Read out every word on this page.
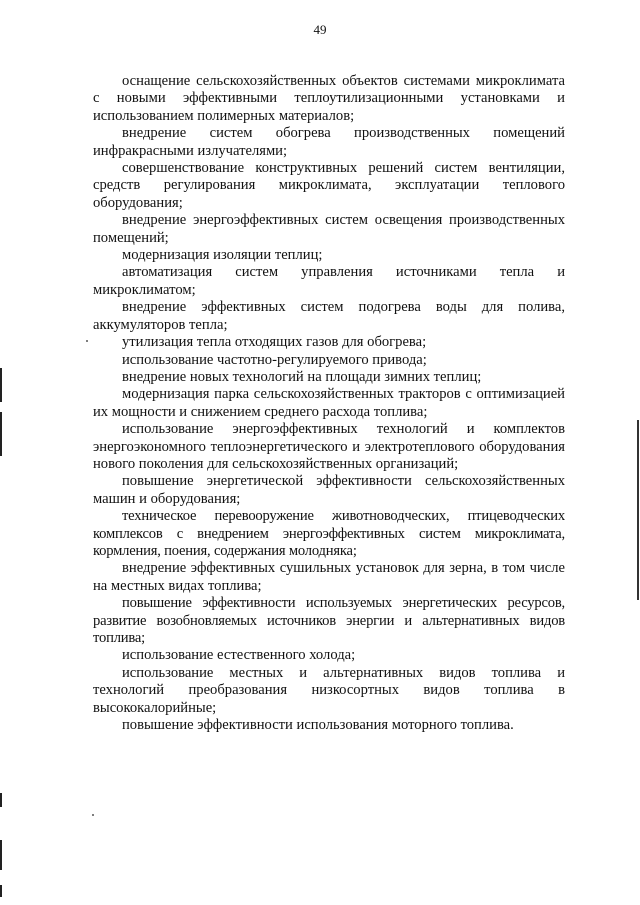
49

оснащение сельскохозяйственных объектов системами микроклимата с новыми эффективными теплоутилизационными установками и использованием полимерных материалов;

внедрение систем обогрева производственных помещений инфракрасными излучателями;

совершенствование конструктивных решений систем вентиляции, средств регулирования микроклимата, эксплуатации теплового оборудования;

внедрение энергоэффективных систем освещения производственных помещений;

модернизация изоляции теплиц;

автоматизация систем управления источниками тепла и микроклиматом;

внедрение эффективных систем подогрева воды для полива, аккумуляторов тепла;

утилизация тепла отходящих газов для обогрева;

использование частотно-регулируемого привода;

внедрение новых технологий на площади зимних теплиц;

модернизация парка сельскохозяйственных тракторов с оптимизацией их мощности и снижением среднего расхода топлива;

использование энергоэффективных технологий и комплектов энергоэкономного теплоэнергетического и электротеплового оборудования нового поколения для сельскохозяйственных организаций;

повышение энергетической эффективности сельскохозяйственных машин и оборудования;

техническое перевооружение животноводческих, птицеводческих комплексов с внедрением энергоэффективных систем микроклимата, кормления, поения, содержания молодняка;

внедрение эффективных сушильных установок для зерна, в том числе на местных видах топлива;

повышение эффективности используемых энергетических ресурсов, развитие возобновляемых источников энергии и альтернативных видов топлива;

использование естественного холода;

использование местных и альтернативных видов топлива и технологий преобразования низкосортных видов топлива в высококалорийные;

повышение эффективности использования моторного топлива.
